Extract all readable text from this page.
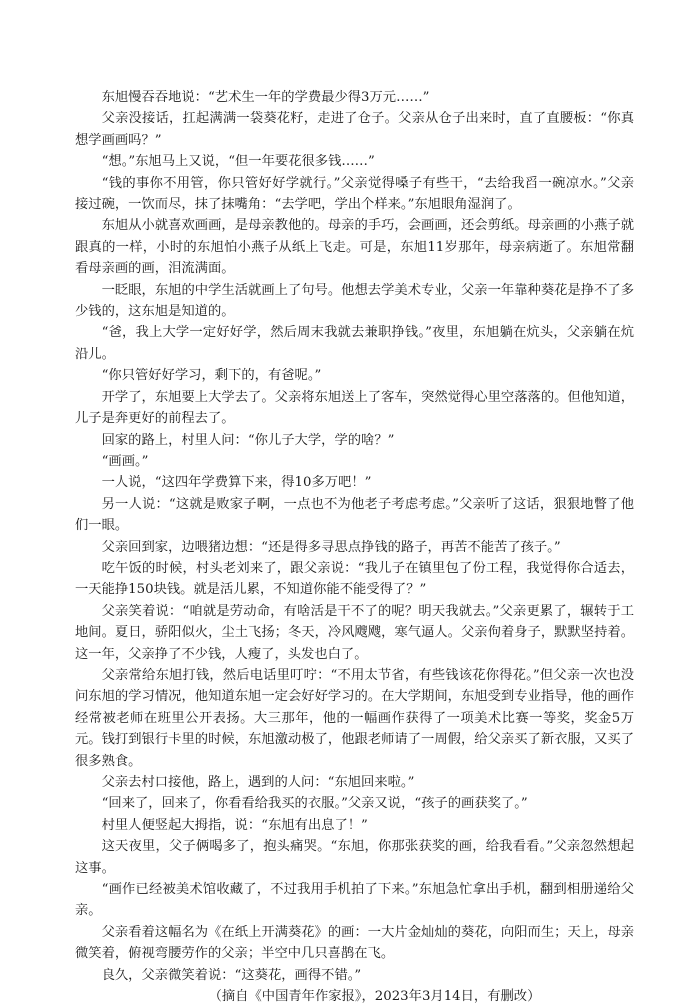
东旭慢吞吞地说：“艺术生一年的学费最少得3万元……”

父亲没接话，扛起满满一袋葵花籽，走进了仓子。父亲从仓子出来时，直了直腰板：“你真想学画画吗？”

“想。”东旭马上又说，“但一年要花很多钱……”

“钱的事你不用管，你只管好好学就行。”父亲觉得嗓子有些干，“去给我舀一碗凉水。”父亲接过碗，一饮而尽，抹了抹嘴角：“去学吧，学出个样来。”东旭眼角湿润了。

东旭从小就喜欢画画，是母亲教他的。母亲的手巧，会画画，还会剪纸。母亲画的小燕子就跟真的一样，小时的东旭怕小燕子从纸上飞走。可是，东旭11岁那年，母亲病逝了。东旭常翻看母亲画的画，泪流满面。

一眨眼，东旭的中学生活就画上了句号。他想去学美术专业，父亲一年靠种葵花是挣不了多少钱的，这东旭是知道的。

“爸，我上大学一定好好学，然后周末我就去兼职挣钱。”夜里，东旭躺在炕头，父亲躺在炕沿儿。

“你只管好好学习，剩下的，有爸呢。”

开学了，东旭要上大学去了。父亲将东旭送上了客车，突然觉得心里空落落的。但他知道，儿子是奔更好的前程去了。

回家的路上，村里人问：“你儿子大学，学的啥？”

“画画。”

一人说，“这四年学费算下来，得10多万吧！”

另一人说：“这就是败家子啊，一点也不为他老子考虑考虑。”父亲听了这话，狠狠地瞥了他们一眼。

父亲回到家，边喂猪边想：“还是得多寻思点挣钱的路子，再苦不能苦了孩子。”

吃午饭的时候，村头老刘来了，跟父亲说：“我儿子在镇里包了份工程，我觉得你合适去，一天能挣150块钱。就是活儿累，不知道你能不能受得了？”

父亲笑着说：“咱就是劳动命，有啥活是干不了的呢？明天我就去。”父亲更累了，辗转于工地间。夏日，骄阳似火，尘土飞扬；冬天，冷风飕飕，寒气逼人。父亲佝着身子，默默坚持着。这一年，父亲挣了不少钱，人瘦了，头发也白了。

父亲常给东旭打钱，然后电话里叮咛：“不用太节省，有些钱该花你得花。”但父亲一次也没问东旭的学习情况，他知道东旭一定会好好学习的。在大学期间，东旭受到专业指导，他的画作经常被老师在班里公开表扬。大三那年，他的一幅画作获得了一项美术比赛一等奖，奖金5万元。钱打到银行卡里的时候，东旭激动极了，他跟老师请了一周假，给父亲买了新衣服，又买了很多熟食。

父亲去村口接他，路上，遇到的人问：“东旭回来啦。”

“回来了，回来了，你看看给我买的衣服。”父亲又说，“孩子的画获奖了。”

村里人便竖起大拇指，说：“东旭有出息了！”

这天夜里，父子俩喝多了，抱头痛哭。“东旭，你那张获奖的画，给我看看。”父亲忽然想起这事。

“画作已经被美术馆收藏了，不过我用手机拍了下来。”东旭急忙拿出手机，翻到相册递给父亲。

父亲看着这幅名为《在纸上开满葵花》的画：一大片金灿灿的葵花，向阳而生；天上，母亲微笑着，俯视弯腰劳作的父亲；半空中几只喜鹊在飞。

良久，父亲微笑着说：“这葵花，画得不错。”

（摘自《中国青年作家报》，2023年3月14日，有删改）
